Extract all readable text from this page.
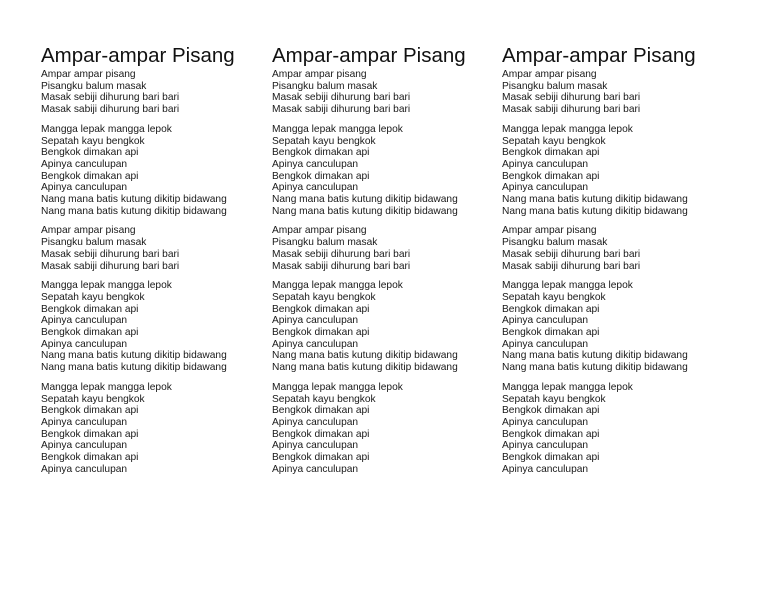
Ampar-ampar Pisang
Ampar ampar pisang
Pisangku balum masak
Masak sebiji dihurung bari bari
Masak sabiji dihurung bari bari
Mangga lepak mangga lepok
Sepatah kayu bengkok
Bengkok dimakan api
Apinya canculupan
Bengkok dimakan api
Apinya canculupan
Nang mana batis kutung dikitip bidawang
Nang mana batis kutung dikitip bidawang
Ampar ampar pisang
Pisangku balum masak
Masak sebiji dihurung bari bari
Masak sabiji dihurung bari bari
Mangga lepak mangga lepok
Sepatah kayu bengkok
Bengkok dimakan api
Apinya canculupan
Bengkok dimakan api
Apinya canculupan
Nang mana batis kutung dikitip bidawang
Nang mana batis kutung dikitip bidawang
Mangga lepak mangga lepok
Sepatah kayu bengkok
Bengkok dimakan api
Apinya canculupan
Bengkok dimakan api
Apinya canculupan
Bengkok dimakan api
Apinya canculupan
Ampar-ampar Pisang
Ampar ampar pisang
Pisangku balum masak
Masak sebiji dihurung bari bari
Masak sabiji dihurung bari bari
Mangga lepak mangga lepok
Sepatah kayu bengkok
Bengkok dimakan api
Apinya canculupan
Bengkok dimakan api
Apinya canculupan
Nang mana batis kutung dikitip bidawang
Nang mana batis kutung dikitip bidawang
Ampar ampar pisang
Pisangku balum masak
Masak sebiji dihurung bari bari
Masak sabiji dihurung bari bari
Mangga lepak mangga lepok
Sepatah kayu bengkok
Bengkok dimakan api
Apinya canculupan
Bengkok dimakan api
Apinya canculupan
Nang mana batis kutung dikitip bidawang
Nang mana batis kutung dikitip bidawang
Mangga lepak mangga lepok
Sepatah kayu bengkok
Bengkok dimakan api
Apinya canculupan
Bengkok dimakan api
Apinya canculupan
Bengkok dimakan api
Apinya canculupan
Ampar-ampar Pisang
Ampar ampar pisang
Pisangku balum masak
Masak sebiji dihurung bari bari
Masak sabiji dihurung bari bari
Mangga lepak mangga lepok
Sepatah kayu bengkok
Bengkok dimakan api
Apinya canculupan
Bengkok dimakan api
Apinya canculupan
Nang mana batis kutung dikitip bidawang
Nang mana batis kutung dikitip bidawang
Ampar ampar pisang
Pisangku balum masak
Masak sebiji dihurung bari bari
Masak sabiji dihurung bari bari
Mangga lepak mangga lepok
Sepatah kayu bengkok
Bengkok dimakan api
Apinya canculupan
Bengkok dimakan api
Apinya canculupan
Nang mana batis kutung dikitip bidawang
Nang mana batis kutung dikitip bidawang
Mangga lepak mangga lepok
Sepatah kayu bengkok
Bengkok dimakan api
Apinya canculupan
Bengkok dimakan api
Apinya canculupan
Bengkok dimakan api
Apinya canculupan
